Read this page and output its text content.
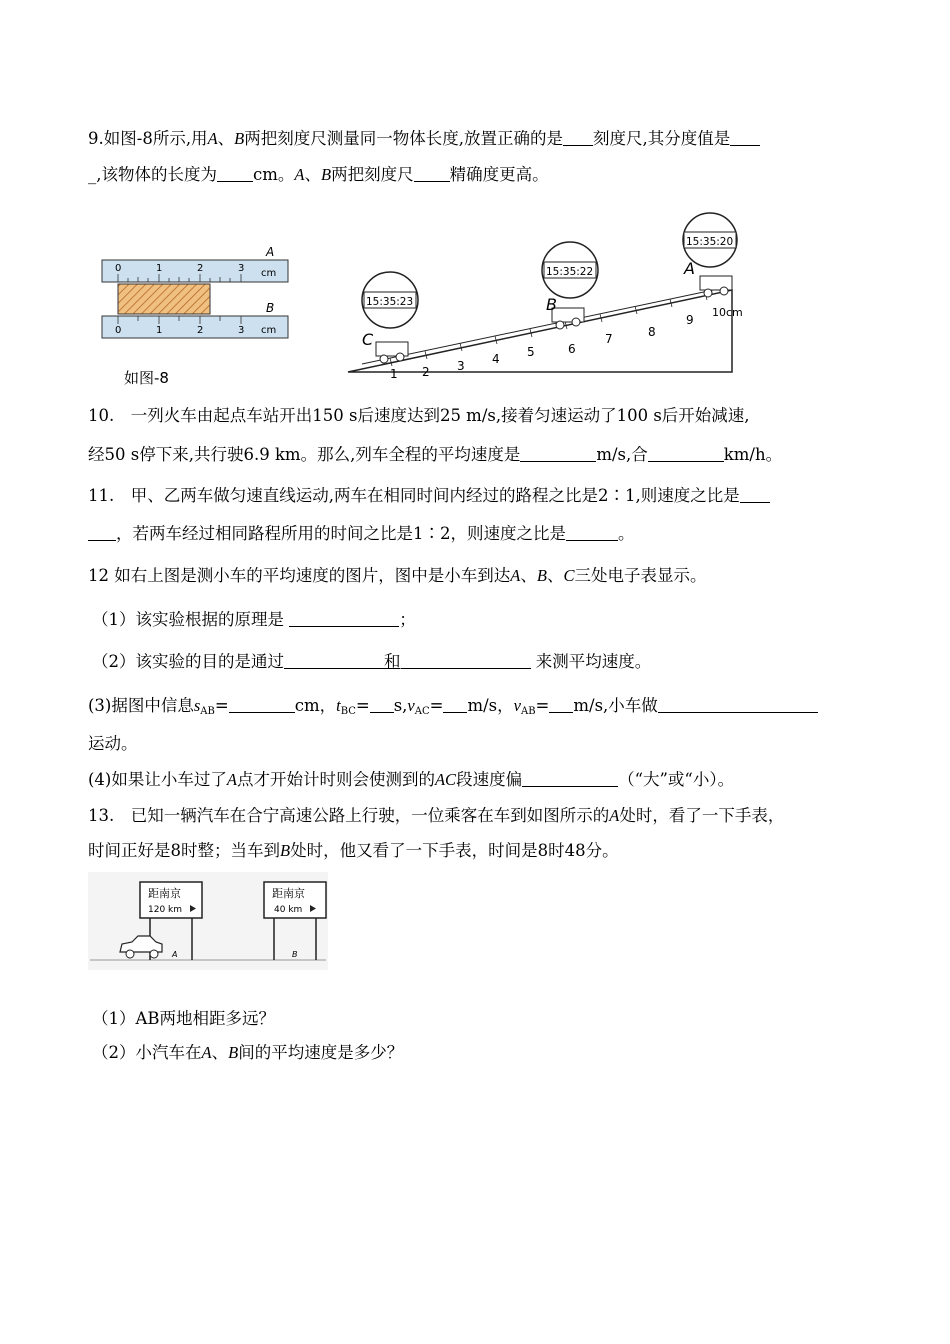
9.如图-8所示,用A、B两把刻度尺测量同一物体长度,放置正确的是 刻度尺,其分度值是
_,该物体的长度为 cm。A、B两把刻度尺 精确度更高。
A
0	1	2	3 cm
B
0	1	2	3 cm
如图-8	1 2 3 4 5	6
7	8
9
10cm
C
15:35:23	B
15:35:22	A
15:35:20
10.　一列火车由起点车站开出150 s后速度达到25 m/s,接着匀速运动了100 s后开始减速,
经50 s停下来,共行驶6.9 km。那么,列车全程的平均速度是	m/s,合	km/h。
11.　甲、乙两车做匀速直线运动,两车在相同时间内经过的路程之比是2∶1,则速度之比是
，若两车经过相同路程所用的时间之比是1∶2，则速度之比是	。
12 如右上图是测小车的平均速度的图片，图中是小车到达A、B、C三处电子表显示。
（1）该实验根据的原理是	；
（2）该实验的目的是通过	和	来测平均速度。
(3)据图中信息$s_{AB}=$	cm，$t_{BC}= s,v_{AC}= m/s$，$v_{AB}= m/s$,小车做
运动。
(4)如果让小车过了A点才开始计时则会使测到的AC段速度偏	（“大”或“小）。
13.　已知一辆汽车在合宁高速公路上行驶，一位乘客在车到如图所示的A处时，看了一下手表，
时间正好是8时整；当车到B处时，他又看了一下手表，时间是8时48分。
距南京
120 km
A
距南京
40 km
B
（1）AB两地相距多远？
（2）小汽车在A、B间的平均速度是多少？
